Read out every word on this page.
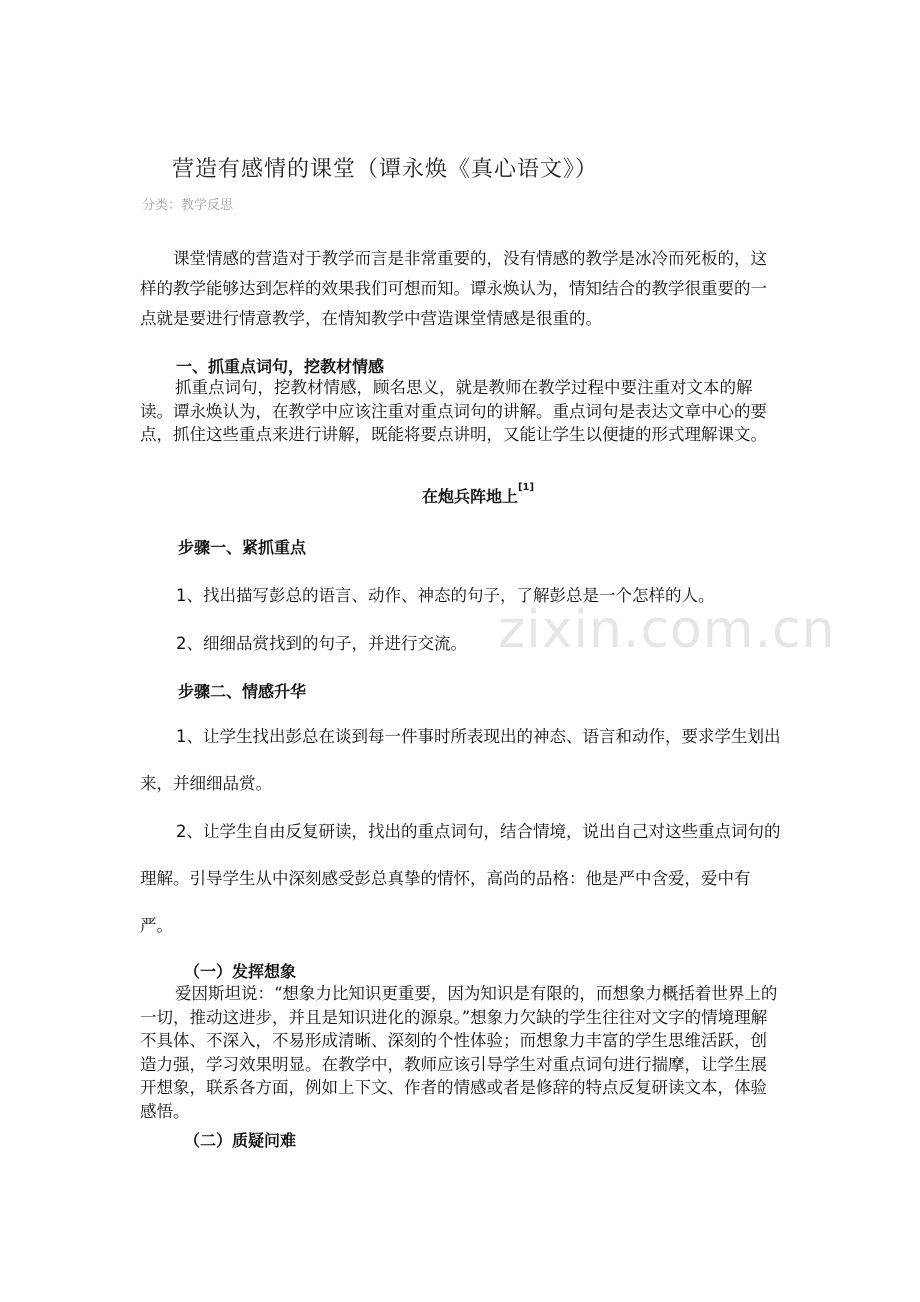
zixin.com.cn
营造有感情的课堂（谭永焕《真心语文》）
分类：教学反思
课堂情感的营造对于教学而言是非常重要的，没有情感的教学是冰冷而死板的，这样的教学能够达到怎样的效果我们可想而知。谭永焕认为，情知结合的教学很重要的一点就是要进行情意教学，在情知教学中营造课堂情感是很重的。
一、抓重点词句，挖教材情感
抓重点词句，挖教材情感，顾名思义，就是教师在教学过程中要注重对文本的解读。谭永焕认为，在教学中应该注重对重点词句的讲解。重点词句是表达文章中心的要点，抓住这些重点来进行讲解，既能将要点讲明，又能让学生以便捷的形式理解课文。
在炮兵阵地上[1]
步骤一、紧抓重点
1、找出描写彭总的语言、动作、神态的句子，了解彭总是一个怎样的人。
2、细细品赏找到的句子，并进行交流。
步骤二、情感升华
1、让学生找出彭总在谈到每一件事时所表现出的神态、语言和动作，要求学生划出来，并细细品赏。
2、让学生自由反复研读，找出的重点词句，结合情境，说出自己对这些重点词句的理解。引导学生从中深刻感受彭总真挚的情怀，高尚的品格：他是严中含爱，爱中有严。
（一）发挥想象
爱因斯坦说：“想象力比知识更重要，因为知识是有限的，而想象力概括着世界上的一切，推动这进步，并且是知识进化的源泉。”想象力欠缺的学生往往对文字的情境理解不具体、不深入，不易形成清晰、深刻的个性体验；而想象力丰富的学生思维活跃，创造力强，学习效果明显。在教学中，教师应该引导学生对重点词句进行揣摩，让学生展开想象，联系各方面，例如上下文、作者的情感或者是修辞的特点反复研读文本，体验感悟。
（二）质疑问难
